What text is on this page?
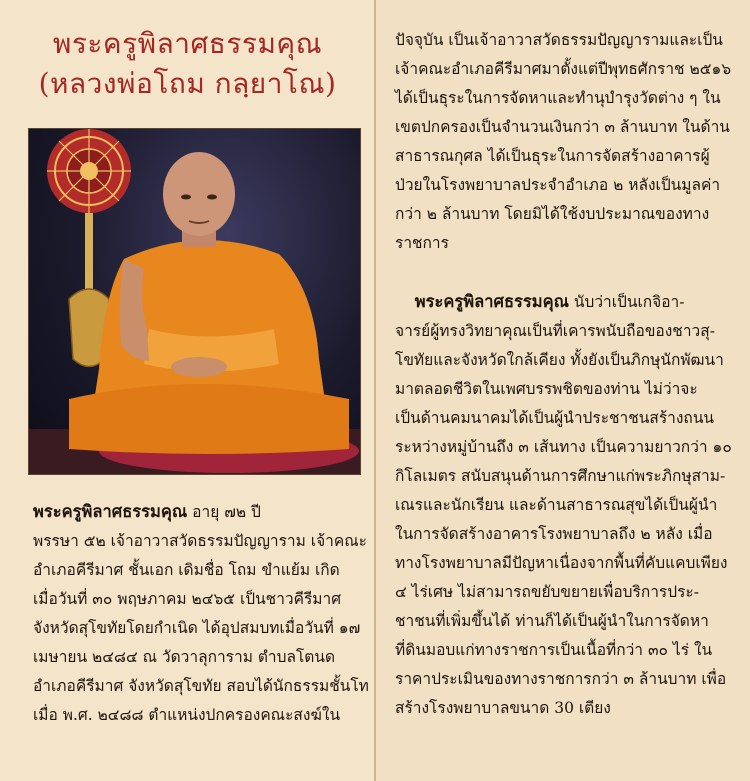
พระครูพิลาศธรรมคุณ
(หลวงพ่อโถม กลฺยาโณ)
พระครูพิลาศธรรมคุณ อายุ ๗๒ ปี
พรรษา ๕๒ เจ้าอาวาสวัดธรรมปัญญาราม เจ้าคณะ
อำเภอคีรีมาศ ชั้นเอก เดิมชื่อ โถม ขำแย้ม เกิด
เมื่อวันที่ ๓๐ พฤษภาคม ๒๔๖๕ เป็นชาวคีรีมาศ
จังหวัดสุโขทัยโดยกำเนิด ได้อุปสมบทเมื่อวันที่ ๑๗
เมษายน ๒๔๘๔ ณ วัดวาลุการาม ตำบลโตนด
อำเภอคีรีมาศ จังหวัดสุโขทัย สอบได้นักธรรมชั้นโท
เมื่อ พ.ศ. ๒๔๘๘ ตำแหน่งปกครองคณะสงฆ์ใน
ปัจจุบัน เป็นเจ้าอาวาสวัดธรรมปัญญารามและเป็น
เจ้าคณะอำเภอคีรีมาศมาตั้งแต่ปีพุทธศักราช ๒๕๑๖
ได้เป็นธุระในการจัดหาและทำนุบำรุงวัดต่าง ๆ ใน
เขตปกครองเป็นจำนวนเงินกว่า ๓ ล้านบาท ในด้าน
สาธารณกุศล ได้เป็นธุระในการจัดสร้างอาคารผู้
ป่วยในโรงพยาบาลประจำอำเภอ ๒ หลังเป็นมูลค่า
กว่า ๒ ล้านบาท โดยมิได้ใช้งบประมาณของทาง
ราชการ
พระครูพิลาศธรรมคุณ นับว่าเป็นเกจิอา-
จารย์ผู้ทรงวิทยาคุณเป็นที่เคารพนับถือของชาวสุ-
โขทัยและจังหวัดใกล้เคียง ทั้งยังเป็นภิกษุนักพัฒนา
มาตลอดชีวิตในเพศบรรพชิตของท่าน ไม่ว่าจะ
เป็นด้านคมนาคมได้เป็นผู้นำประชาชนสร้างถนน
ระหว่างหมู่บ้านถึง ๓ เส้นทาง เป็นความยาวกว่า ๑๐
กิโลเมตร สนับสนุนด้านการศึกษาแก่พระภิกษุสาม-
เณรและนักเรียน และด้านสาธารณสุขได้เป็นผู้นำ
ในการจัดสร้างอาคารโรงพยาบาลถึง ๒ หลัง เมื่อ
ทางโรงพยาบาลมีปัญหาเนื่องจากพื้นที่คับแคบเพียง
๔ ไร่เศษ ไม่สามารถขยับขยายเพื่อบริการประ-
ชาชนที่เพิ่มขึ้นได้ ท่านก็ได้เป็นผู้นำในการจัดหา
ที่ดินมอบแก่ทางราชการเป็นเนื้อที่กว่า ๓๐ ไร่ ใน
ราคาประเมินของทางราชการกว่า ๓ ล้านบาท เพื่อ
สร้างโรงพยาบาลขนาด 30 เตียง
